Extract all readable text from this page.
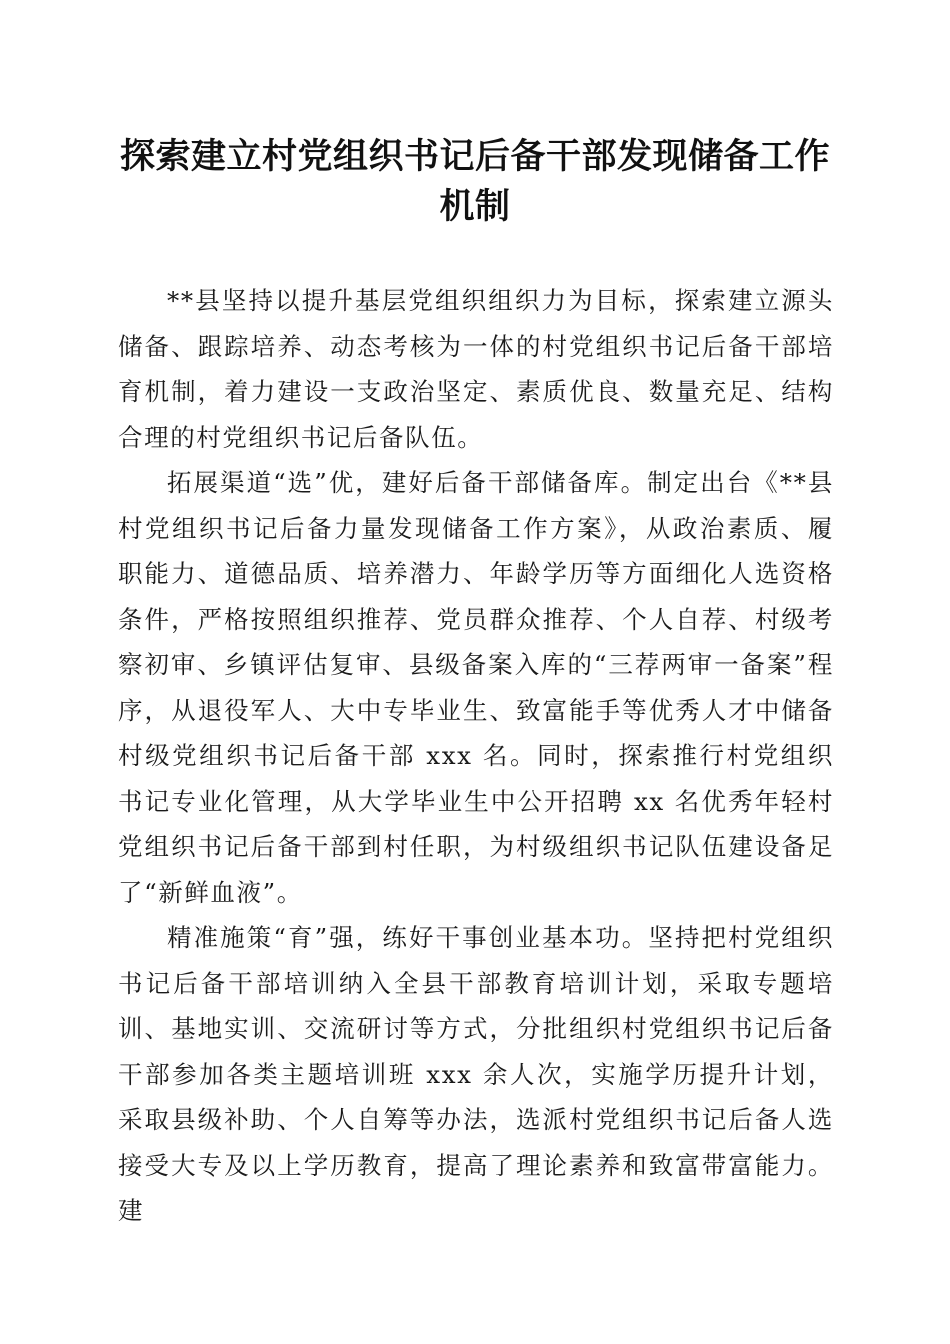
探索建立村党组织书记后备干部发现储备工作
机制

**县坚持以提升基层党组织组织力为目标，探索建立源头储备、跟踪培养、动态考核为一体的村党组织书记后备干部培育机制，着力建设一支政治坚定、素质优良、数量充足、结构合理的村党组织书记后备队伍。

拓展渠道“选”优，建好后备干部储备库。制定出台《**县村党组织书记后备力量发现储备工作方案》，从政治素质、履职能力、道德品质、培养潜力、年龄学历等方面细化人选资格条件，严格按照组织推荐、党员群众推荐、个人自荐、村级考察初审、乡镇评估复审、县级备案入库的“三荐两审一备案”程序，从退役军人、大中专毕业生、致富能手等优秀人才中储备村级党组织书记后备干部 xxx 名。同时，探索推行村党组织书记专业化管理，从大学毕业生中公开招聘 xx 名优秀年轻村党组织书记后备干部到村任职，为村级组织书记队伍建设备足了“新鲜血液”。

精准施策“育”强，练好干事创业基本功。坚持把村党组织书记后备干部培训纳入全县干部教育培训计划，采取专题培训、基地实训、交流研讨等方式，分批组织村党组织书记后备干部参加各类主题培训班 xxx 余人次，实施学历提升计划，采取县级补助、个人自筹等办法，选派村党组织书记后备人选接受大专及以上学历教育，提高了理论素养和致富带富能力。建
